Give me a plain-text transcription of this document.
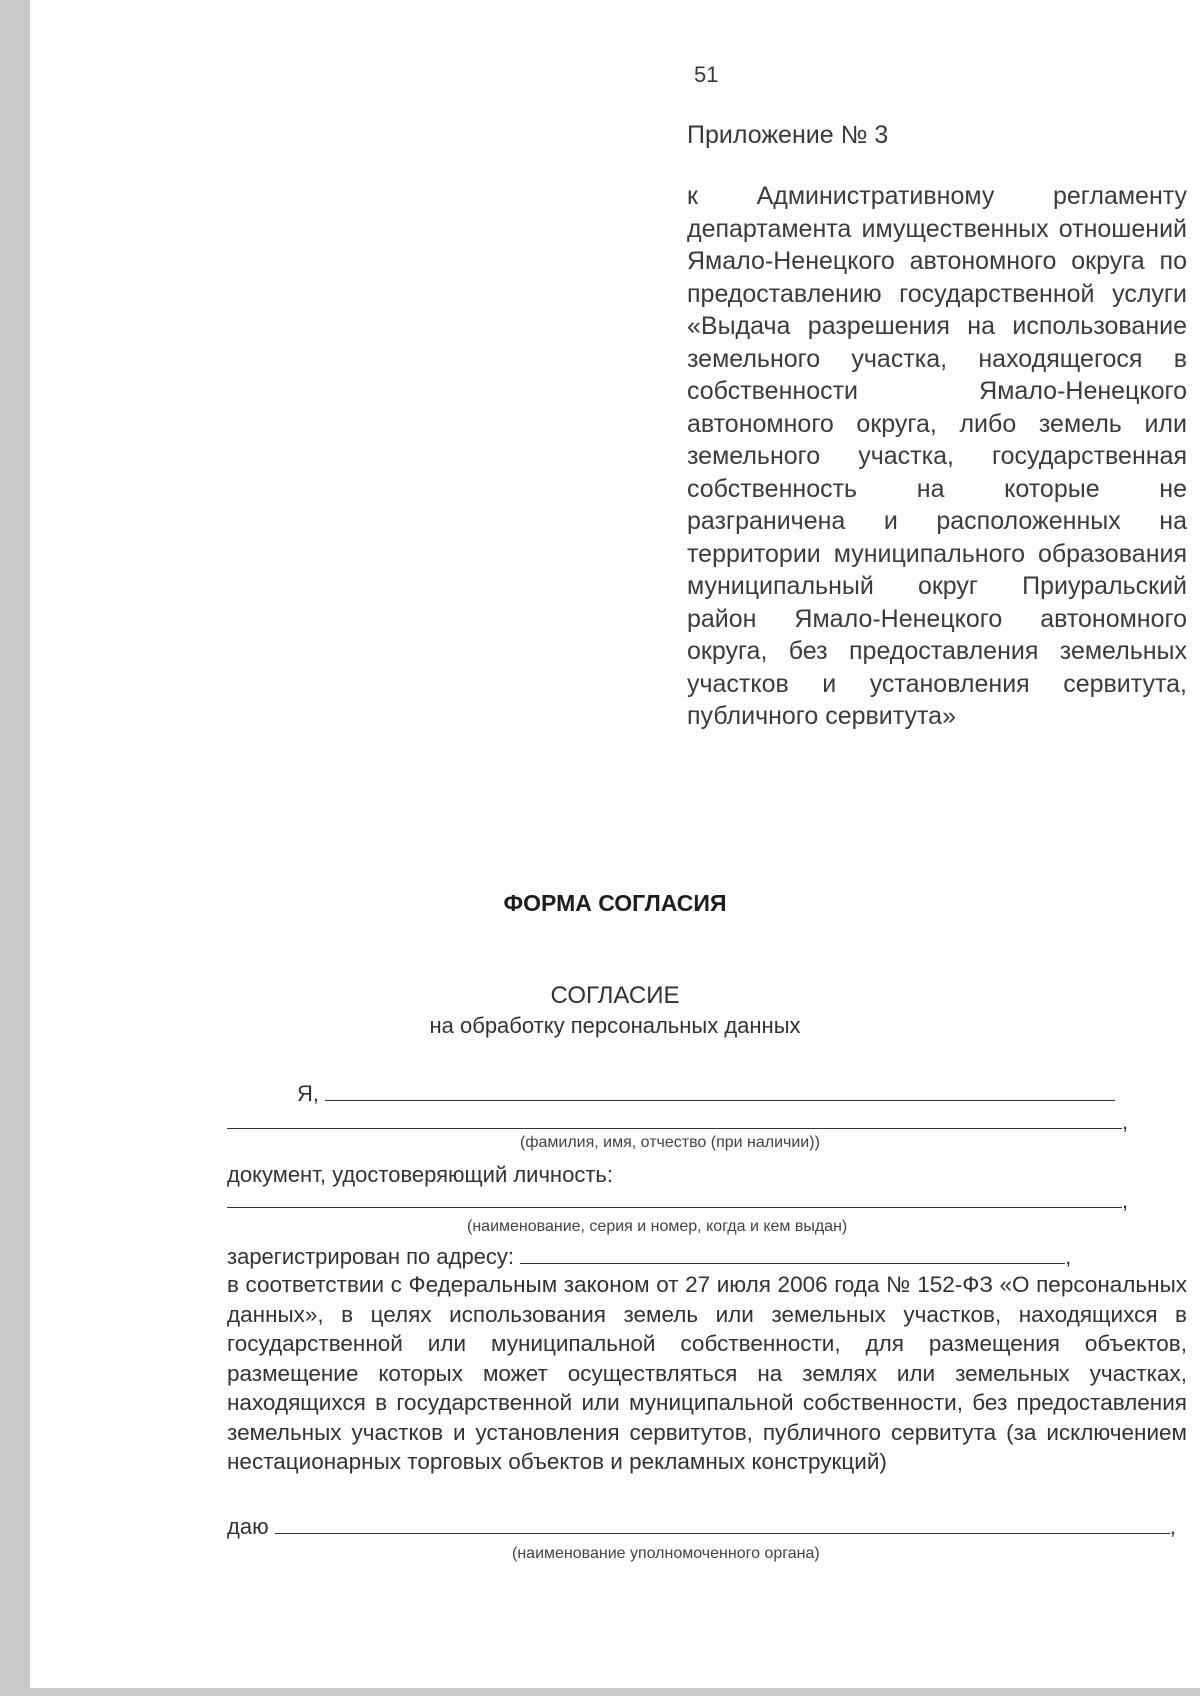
51
Приложение № 3

к Административному регламенту департамента имущественных отношений Ямало-Ненецкого автономного округа по предоставлению государственной услуги «Выдача разрешения на использование земельного участка, находящегося в собственности Ямало-Ненецкого автономного округа, либо земель или земельного участка, государственная собственность на которые не разграничена и расположенных на территории муниципального образования муниципальный округ Приуральский район Ямало-Ненецкого автономного округа, без предоставления земельных участков и установления сервитута, публичного сервитута»

ФОРМА СОГЛАСИЯ
СОГЛАСИЕ
на обработку персональных данных
Я,
,
(фамилия, имя, отчество (при наличии))
документ, удостоверяющий личность:
,
(наименование, серия и номер, когда и кем выдан)
зарегистрирован по адресу:	,

в соответствии с Федеральным законом от 27 июля 2006 года № 152-ФЗ «О персональных данных», в целях использования земель или земельных участков, находящихся в государственной или муниципальной собственности, для размещения объектов, размещение которых может осуществляться на землях или земельных участках, находящихся в государственной или муниципальной собственности, без предоставления земельных участков и установления сервитутов, публичного сервитута (за исключением нестационарных торговых объектов и рекламных конструкций)

даю	,
(наименование уполномоченного органа)
